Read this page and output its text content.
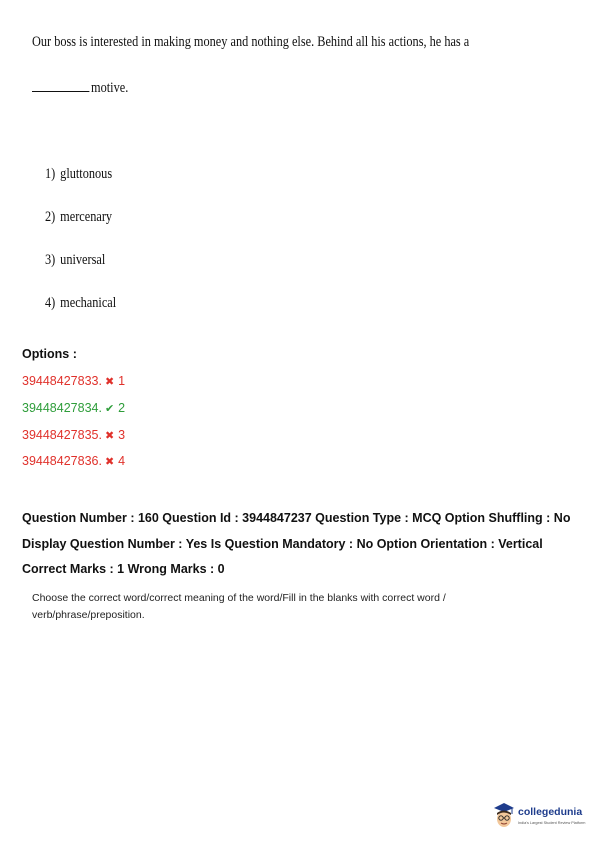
Our boss is interested in making money and nothing else. Behind all his actions, he has a
motive.
1) gluttonous
2) mercenary
3) universal
4) mechanical
Options :
39448427833. ✖ 1
39448427834. ✔ 2
39448427835. ✖ 3
39448427836. ✖ 4
Question Number : 160 Question Id : 3944847237 Question Type : MCQ Option Shuffling : No
Display Question Number : Yes Is Question Mandatory : No Option Orientation : Vertical
Correct Marks : 1 Wrong Marks : 0
Choose the correct word/correct meaning of the word/Fill in the blanks with correct word / verb/phrase/preposition.
collegedunia
India's Largest Student Review Platform
